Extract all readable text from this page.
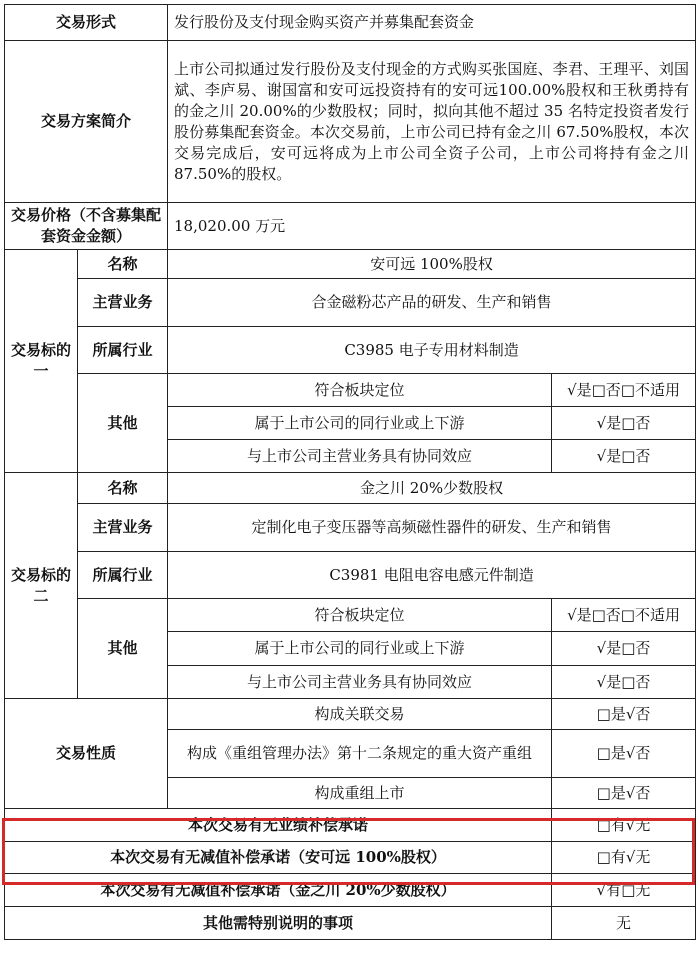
交易形式		发行股份及支付现金购买资产并募集配套资金	
交易方案简介		上市公司拟通过发行股份及支付现金的方式购买张国庭、李君、王理平、刘国斌、李庐易、谢国富和安可远投资持有的安可远100.00%股权和王秋勇持有的金之川 20.00%的少数股权；同时，拟向其他不超过 35 名特定投资者发行股份募集配套资金。本次交易前，上市公司已持有金之川 67.50%股权，本次交易完成后，安可远将成为上市公司全资子公司，上市公司将持有金之川 87.50%的股权。	
交易价格（不含募集配套资金金额）		18,020.00 万元	
交易标的一	名称	安可远 100%股权	
	主营业务	合金磁粉芯产品的研发、生产和销售	
	所属行业	C3985 电子专用材料制造	
	其他	符合板块定位	√是□否□不适用
		属于上市公司的同行业或上下游	√是□否
		与上市公司主营业务具有协同效应	√是□否
交易标的二	名称	金之川 20%少数股权	
	主营业务	定制化电子变压器等高频磁性器件的研发、生产和销售	
	所属行业	C3981 电阻电容电感元件制造	
	其他	符合板块定位	√是□否□不适用
		属于上市公司的同行业或上下游	√是□否
		与上市公司主营业务具有协同效应	√是□否
交易性质		构成关联交易	□是√否
		构成《重组管理办法》第十二条规定的重大资产重组	□是√否
		构成重组上市	□是√否
本次交易有无业绩补偿承诺			□有√无
本次交易有无减值补偿承诺（安可远 100%股权）			□有√无
本次交易有无减值补偿承诺（金之川 20%少数股权）			√有□无
其他需特别说明的事项			无
